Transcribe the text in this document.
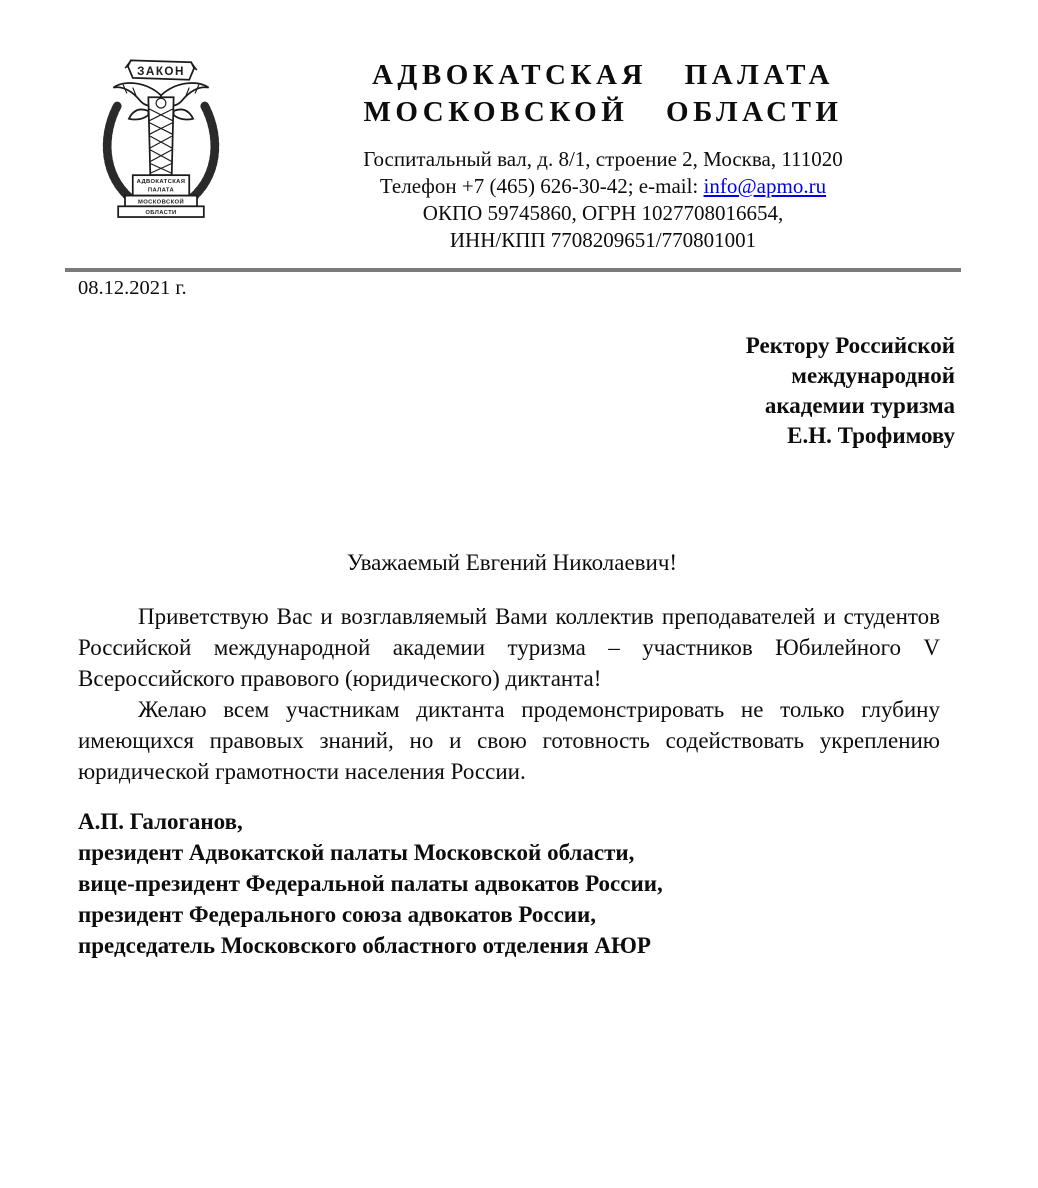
ЗАКОН
АДВОКАТСКАЯ
ПАЛАТА
МОСКОВСКОЙ
ОБЛАСТИ
АДВОКАТСКАЯ ПАЛАТА
МОСКОВСКОЙ ОБЛАСТИ
Госпитальный вал, д. 8/1, строение 2, Москва, 111020
Телефон +7 (465) 626-30-42; e-mail: info@apmo.ru
ОКПО 59745860, ОГРН 1027708016654,
ИНН/КПП 7708209651/770801001
08.12.2021 г.
Ректору Российской
международной
академии туризма
Е.Н. Трофимову
Уважаемый Евгений Николаевич!

Приветствую Вас и возглавляемый Вами коллектив преподавателей и студентов Российской международной академии туризма – участников Юбилейного V Всероссийского правового (юридического) диктанта!

Желаю всем участникам диктанта продемонстрировать не только глубину имеющихся правовых знаний, но и свою готовность содействовать укреплению юридической грамотности населения России.

А.П. Галоганов,
президент Адвокатской палаты Московской области,
вице-президент Федеральной палаты адвокатов России,
президент Федерального союза адвокатов России,
председатель Московского областного отделения АЮР
